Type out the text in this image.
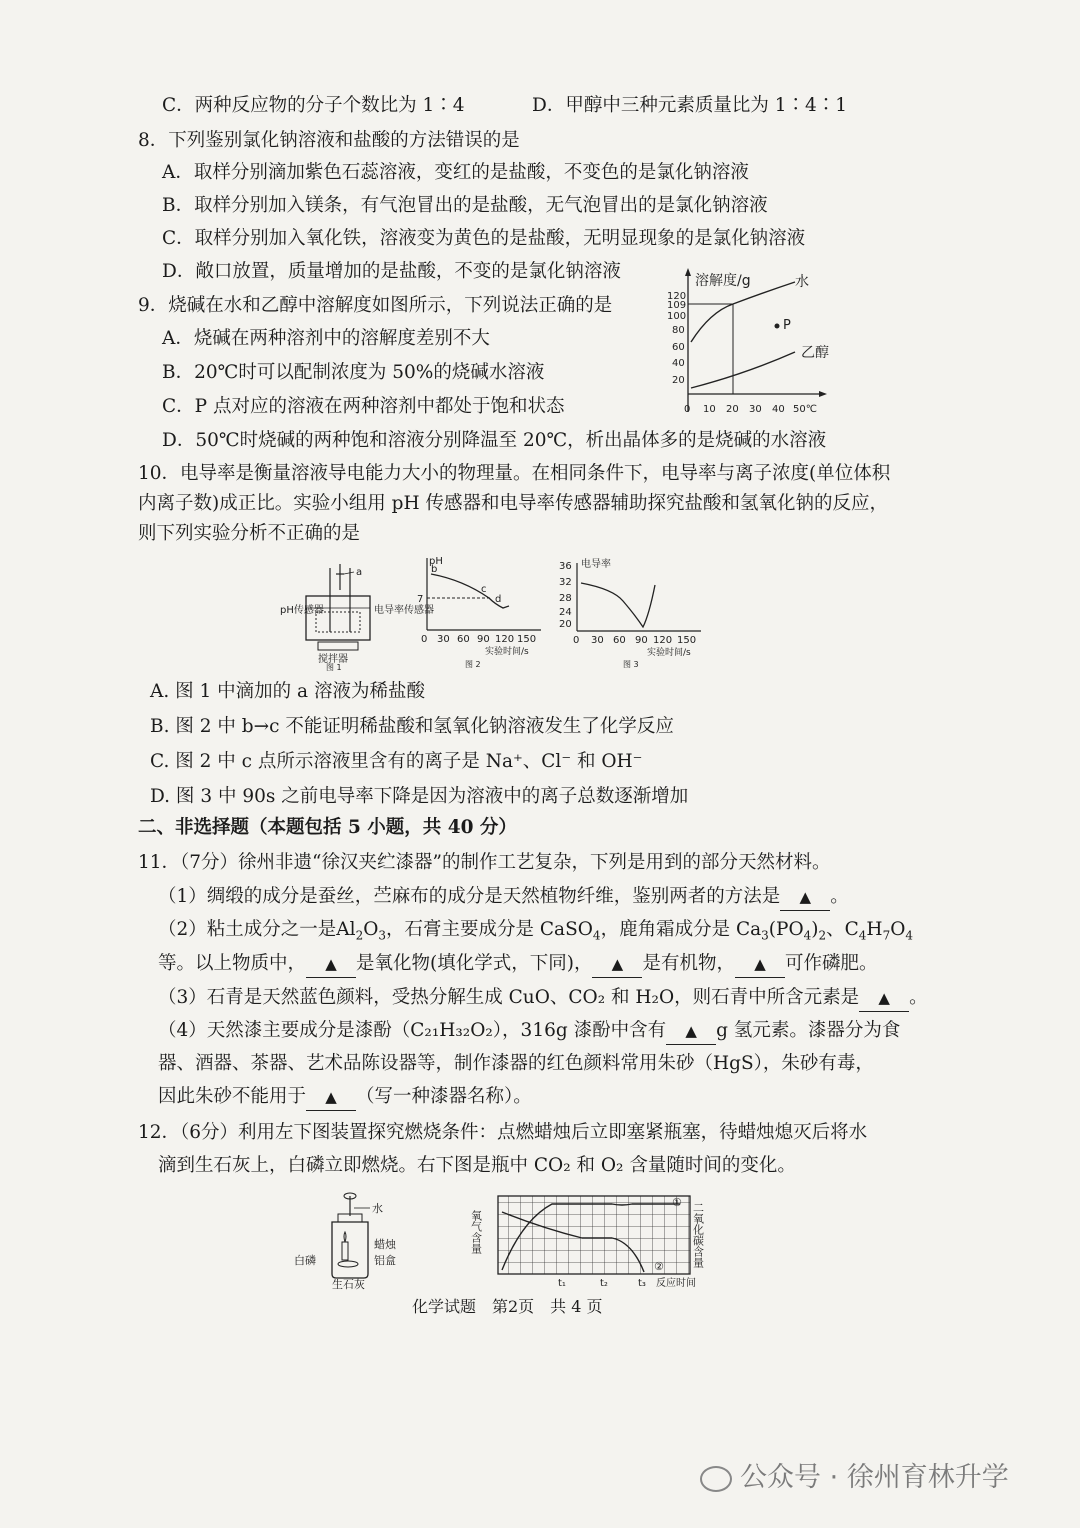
C．两种反应物的分子个数比为 1∶4	D．甲醇中三种元素质量比为 1∶4∶1
8．下列鉴别氯化钠溶液和盐酸的方法错误的是
A．取样分别滴加紫色石蕊溶液，变红的是盐酸，不变色的是氯化钠溶液
B．取样分别加入镁条，有气泡冒出的是盐酸，无气泡冒出的是氯化钠溶液
C．取样分别加入氧化铁，溶液变为黄色的是盐酸，无明显现象的是氯化钠溶液
D．敞口放置，质量增加的是盐酸，不变的是氯化钠溶液
9．烧碱在水和乙醇中溶解度如图所示，下列说法正确的是
A．烧碱在两种溶剂中的溶解度差别不大
B．20℃时可以配制浓度为 50%的烧碱水溶液
C．P 点对应的溶液在两种溶剂中都处于饱和状态
D．50℃时烧碱的两种饱和溶液分别降温至 20℃，析出晶体多的是烧碱的水溶液
溶解度/g
120
109
100
80
60
40
20
0 10 20 30 40 50℃
水
乙醇
P
10．电导率是衡量溶液导电能力大小的物理量。在相同条件下，电导率与离子浓度(单位体积
内离子数)成正比。实验小组用 pH 传感器和电导率传感器辅助探究盐酸和氢氧化钠的反应，
则下列实验分析不正确的是
a
pH传感器	电导率传感器
搅拌器
图 1
pH
7
b
c
d
0 30 60 90 120 150
实验时间/s
图 2
电导率
36
32
28
24
20
0 30 60 90 120 150
实验时间/s
图 3
A. 图 1 中滴加的 a 溶液为稀盐酸
B. 图 2 中 b→c 不能证明稀盐酸和氢氧化钠溶液发生了化学反应
C. 图 2 中 c 点所示溶液里含有的离子是 Na⁺、Cl⁻ 和 OH⁻
D. 图 3 中 90s 之前电导率下降是因为溶液中的离子总数逐渐增加
二、非选择题（本题包括 5 小题，共 40 分）
11．（7分）徐州非遗“徐汉夹纻漆器”的制作工艺复杂，下列是用到的部分天然材料。
（1）绸缎的成分是蚕丝，苎麻布的成分是天然植物纤维，鉴别两者的方法是 ▲ 。
（2）粘土成分之一是$Al_2O_3$，石膏主要成分是 CaSO$_4$，鹿角霜成分是 $Ca_3(PO_4)_2$、$C_4H_7O_4$
等。以上物质中， ▲ 是氧化物(填化学式，下同)， ▲ 是有机物， ▲ 可作磷肥。
（3）石青是天然蓝色颜料，受热分解生成 CuO、CO₂ 和 H₂O，则石青中所含元素是 ▲ 。
（4）天然漆主要成分是漆酚（C₂₁H₃₂O₂），316g 漆酚中含有 ▲ g 氢元素。漆器分为食
器、酒器、茶器、艺术品陈设器等，制作漆器的红色颜料常用朱砂（HgS），朱砂有毒，
因此朱砂不能用于 ▲ （写一种漆器名称）。
12．（6分）利用左下图装置探究燃烧条件：点燃蜡烛后立即塞紧瓶塞，待蜡烛熄灭后将水
滴到生石灰上，白磷立即燃烧。右下图是瓶中 CO₂ 和 O₂ 含量随时间的变化。
水
蜡烛
铝盒
白磷
生石灰
氧气含量	二氧化碳含量
①
②
t₁	t₂	t₃ 反应时间
化学试题　第2页　共 4 页
公众号 · 徐州育林升学
